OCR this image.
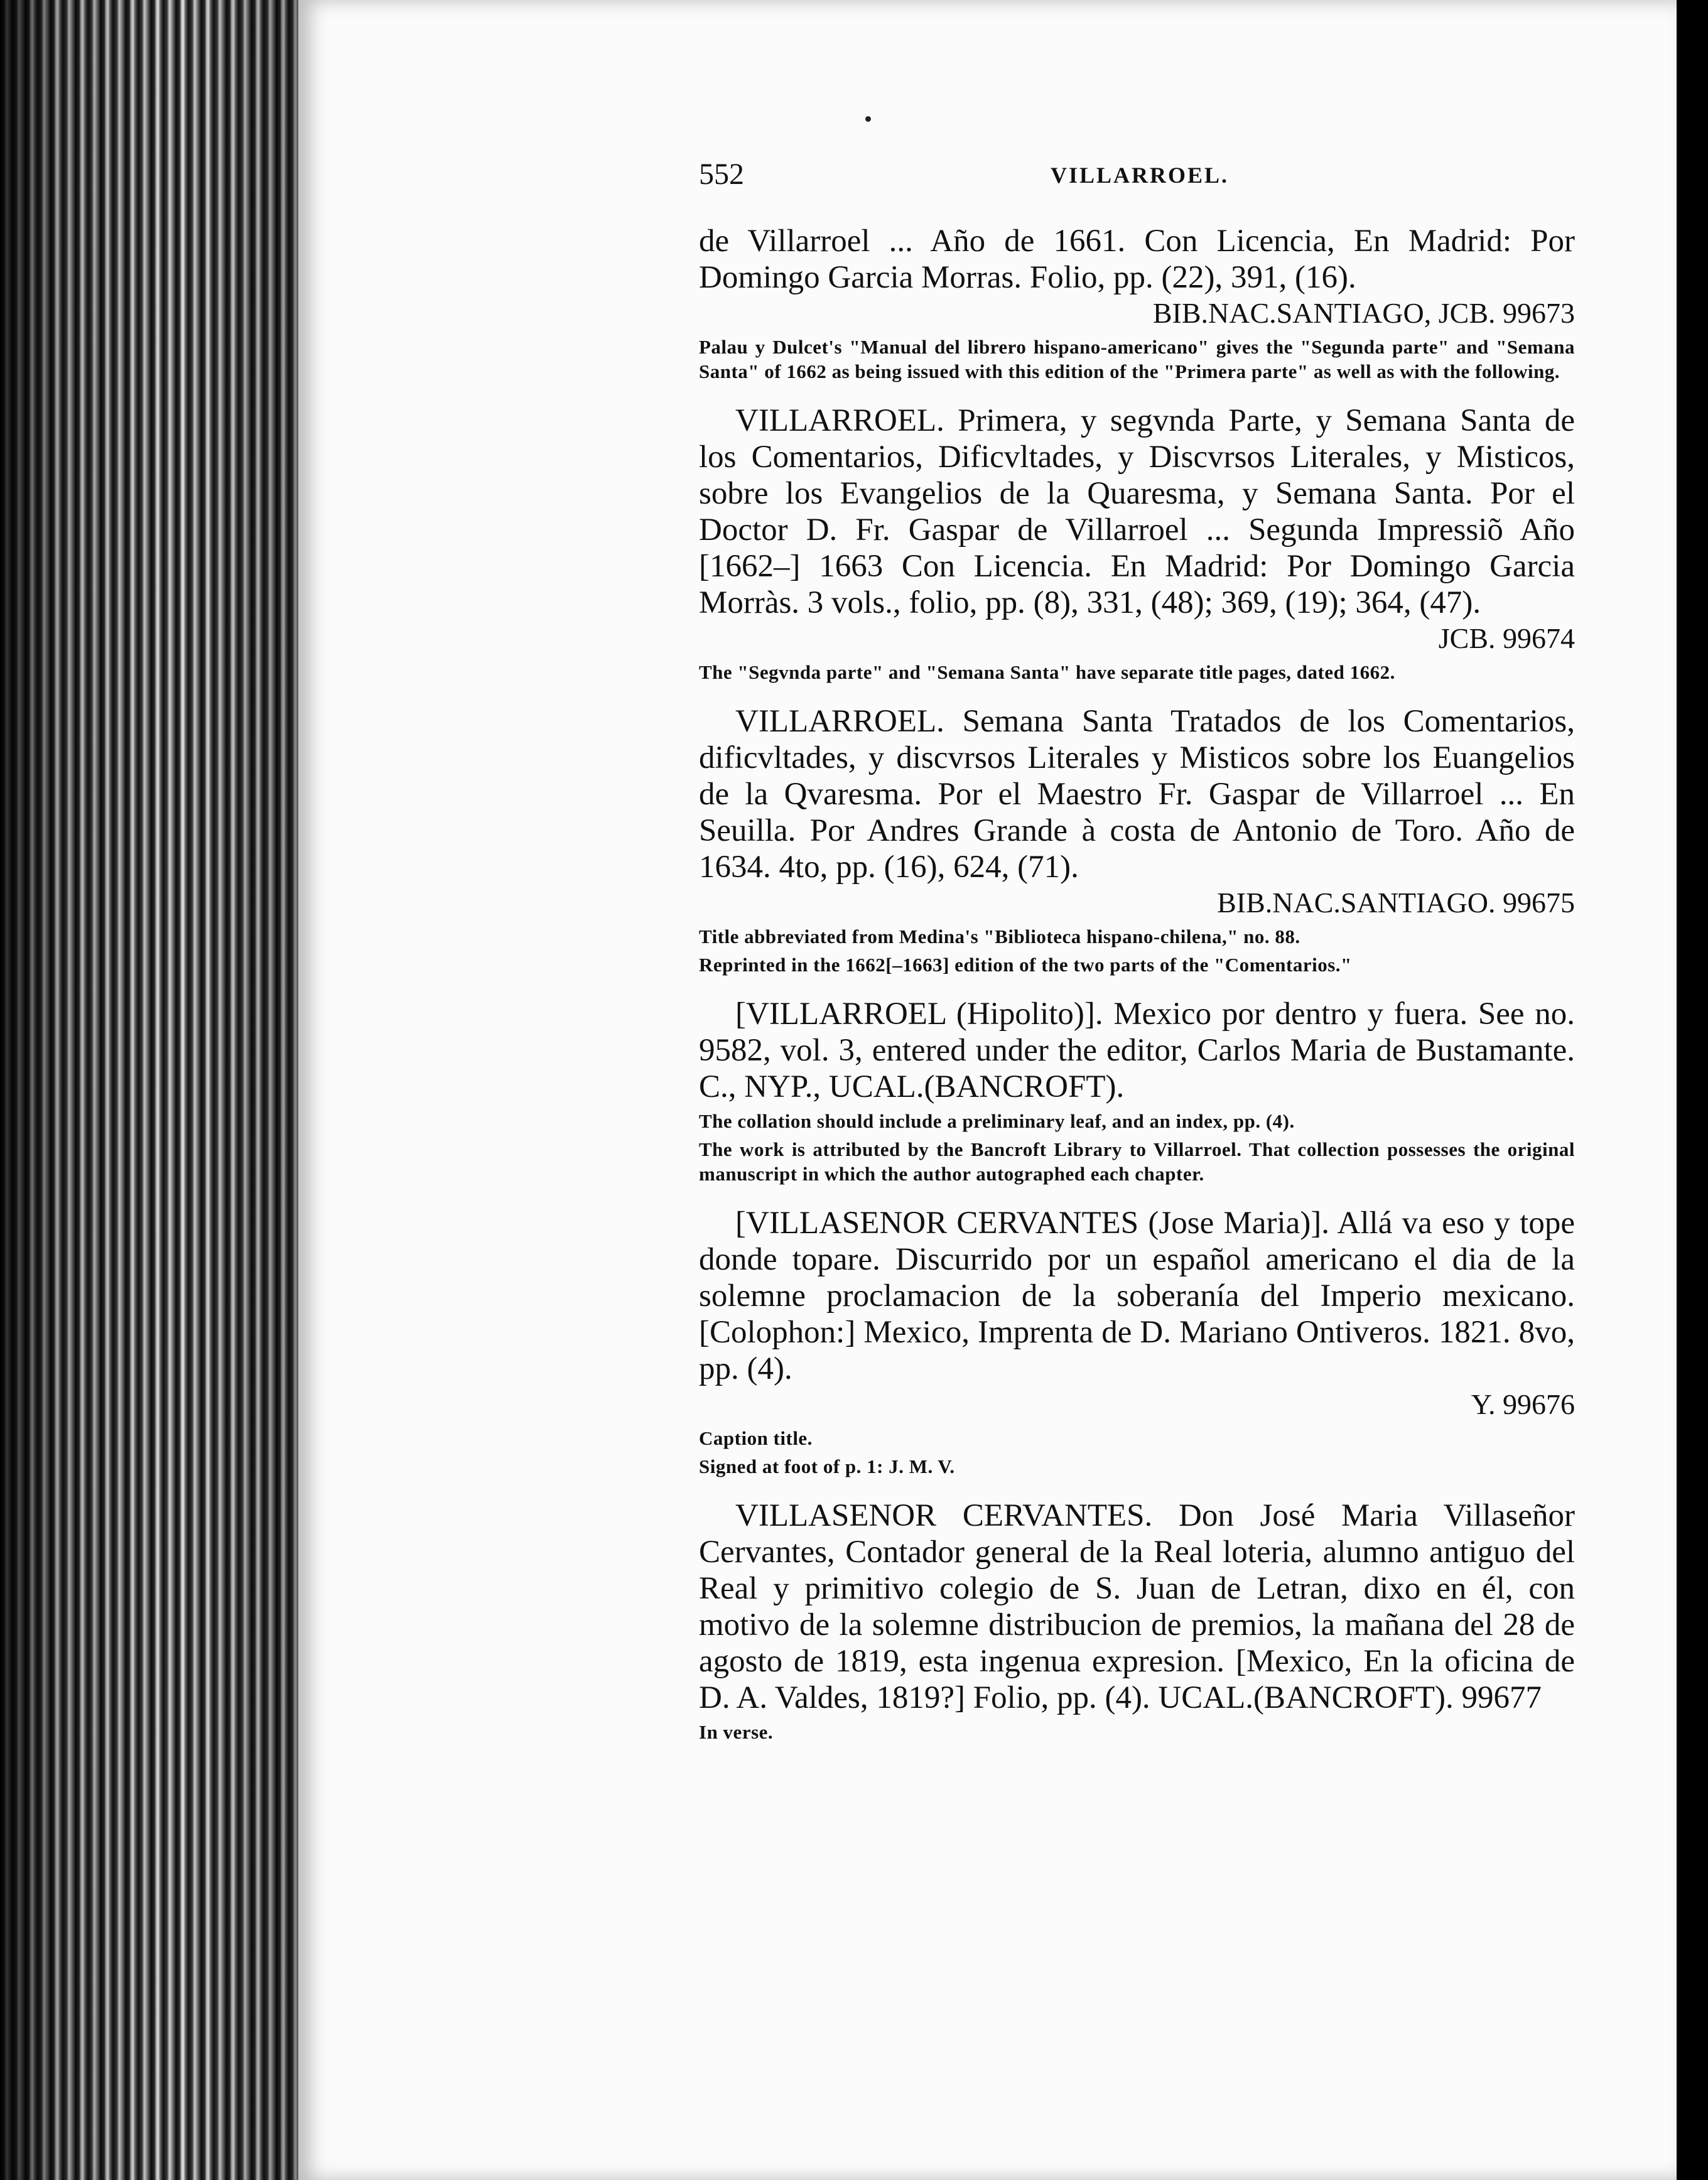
552	VILLARROEL.

de Villarroel ... Año de 1661. Con Licencia, En Madrid: Por Domingo Garcia Morras. Folio, pp. (22), 391, (16).

BIB.NAC.SANTIAGO, JCB. 99673

Palau y Dulcet's "Manual del librero hispano-americano" gives the "Segunda parte" and "Semana Santa" of 1662 as being issued with this edition of the "Primera parte" as well as with the following.

VILLARROEL. Primera, y segvnda Parte, y Semana Santa de los Comentarios, Dificvltades, y Discvrsos Literales, y Misticos, sobre los Evangelios de la Quaresma, y Semana Santa. Por el Doctor D. Fr. Gaspar de Villarroel ... Segunda Impressiõ Año [1662–] 1663 Con Licencia. En Madrid: Por Domingo Garcia Morràs. 3 vols., folio, pp. (8), 331, (48); 369, (19); 364, (47).

JCB. 99674

The "Segvnda parte" and "Semana Santa" have separate title pages, dated 1662.

VILLARROEL. Semana Santa Tratados de los Comentarios, dificvltades, y discvrsos Literales y Misticos sobre los Euangelios de la Qvaresma. Por el Maestro Fr. Gaspar de Villarroel ... En Seuilla. Por Andres Grande à costa de Antonio de Toro. Año de 1634. 4to, pp. (16), 624, (71).

BIB.NAC.SANTIAGO. 99675

Title abbreviated from Medina's "Biblioteca hispano-chilena," no. 88.

Reprinted in the 1662[–1663] edition of the two parts of the "Comentarios."

[VILLARROEL (Hipolito)]. Mexico por dentro y fuera. See no. 9582, vol. 3, entered under the editor, Carlos Maria de Bustamante. C., NYP., UCAL.(BANCROFT).

The collation should include a preliminary leaf, and an index, pp. (4).

The work is attributed by the Bancroft Library to Villarroel. That collection possesses the original manuscript in which the author autographed each chapter.

[VILLASENOR CERVANTES (Jose Maria)]. Allá va eso y tope donde topare. Discurrido por un español americano el dia de la solemne proclamacion de la soberanía del Imperio mexicano. [Colophon:] Mexico, Imprenta de D. Mariano Ontiveros. 1821. 8vo, pp. (4).

Y. 99676

Caption title.

Signed at foot of p. 1: J. M. V.

VILLASENOR CERVANTES. Don José Maria Villaseñor Cervantes, Contador general de la Real loteria, alumno antiguo del Real y primitivo colegio de S. Juan de Letran, dixo en él, con motivo de la solemne distribucion de premios, la mañana del 28 de agosto de 1819, esta ingenua expresion. [Mexico, En la oficina de D. A. Valdes, 1819?] Folio, pp. (4). UCAL.(BANCROFT). 99677

In verse.
